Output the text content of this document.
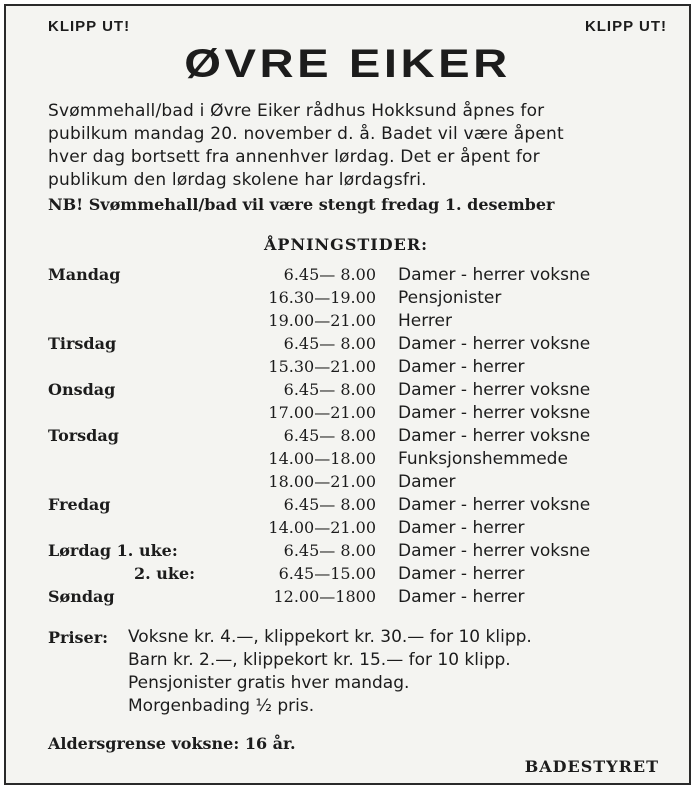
KLIPP UT!	KLIPP UT!
ØVRE EIKER
Svømmehall/bad i Øvre Eiker rådhus Hokksund åpnes for
pubilkum mandag 20. november d. å. Badet vil være åpent
hver dag bortsett fra annenhver lørdag. Det er åpent for
publikum den lørdag skolene har lørdagsfri.
NB! Svømmehall/bad vil være stengt fredag 1. desember
ÅPNINGSTIDER:
Mandag	6.45— 8.00 Damer - herrer voksne
16.30—19.00 Pensjonister
19.00—21.00 Herrer
Tirsdag	6.45— 8.00 Damer - herrer voksne
15.30—21.00 Damer - herrer
Onsdag	6.45— 8.00 Damer - herrer voksne
17.00—21.00 Damer - herrer voksne
Torsdag	6.45— 8.00 Damer - herrer voksne
14.00—18.00 Funksjonshemmede
18.00—21.00 Damer
Fredag	6.45— 8.00 Damer - herrer voksne
14.00—21.00 Damer - herrer
Lørdag 1. uke:	6.45— 8.00 Damer - herrer voksne
2. uke:	6.45—15.00 Damer - herrer
Søndag	12.00—1800 Damer - herrer
Priser: Voksne kr. 4.—, klippekort kr. 30.— for 10 klipp.
Barn kr. 2.—, klippekort kr. 15.— for 10 klipp.
Pensjonister gratis hver mandag.
Morgenbading ½ pris.
Aldersgrense voksne: 16 år.
BADESTYRET
